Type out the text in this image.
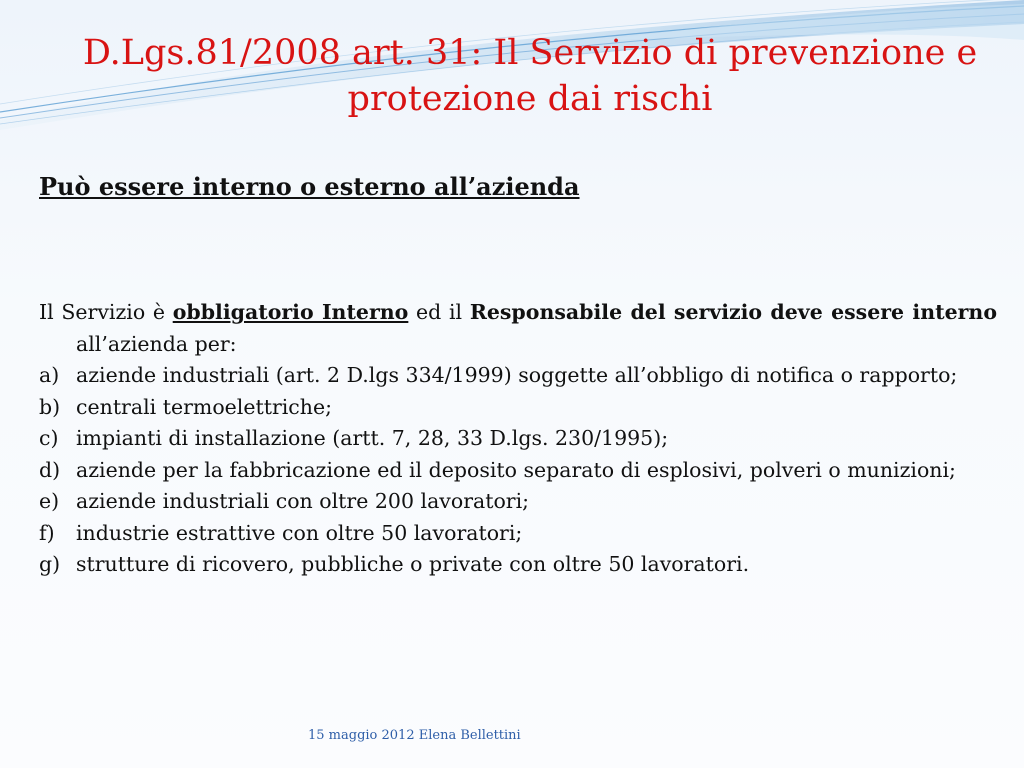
D.Lgs.81/2008 art. 31: Il Servizio di prevenzione e protezione dai rischi
Può essere interno o esterno all’azienda

Il Servizio è obbligatorio Interno ed il Responsabile del servizio deve essere interno all’azienda per:

a) aziende industriali (art. 2 D.lgs 334/1999) soggette all’obbligo di notifica o rapporto;
b) centrali termoelettriche;
c) impianti di installazione (artt. 7, 28, 33 D.lgs. 230/1995);
d) aziende per la fabbricazione ed il deposito separato di esplosivi, polveri o munizioni;
e) aziende industriali con oltre 200 lavoratori;
f)	industrie estrattive con oltre 50 lavoratori;
g) strutture di ricovero, pubbliche o private con oltre 50 lavoratori.
15 maggio 2012 Elena Bellettini
